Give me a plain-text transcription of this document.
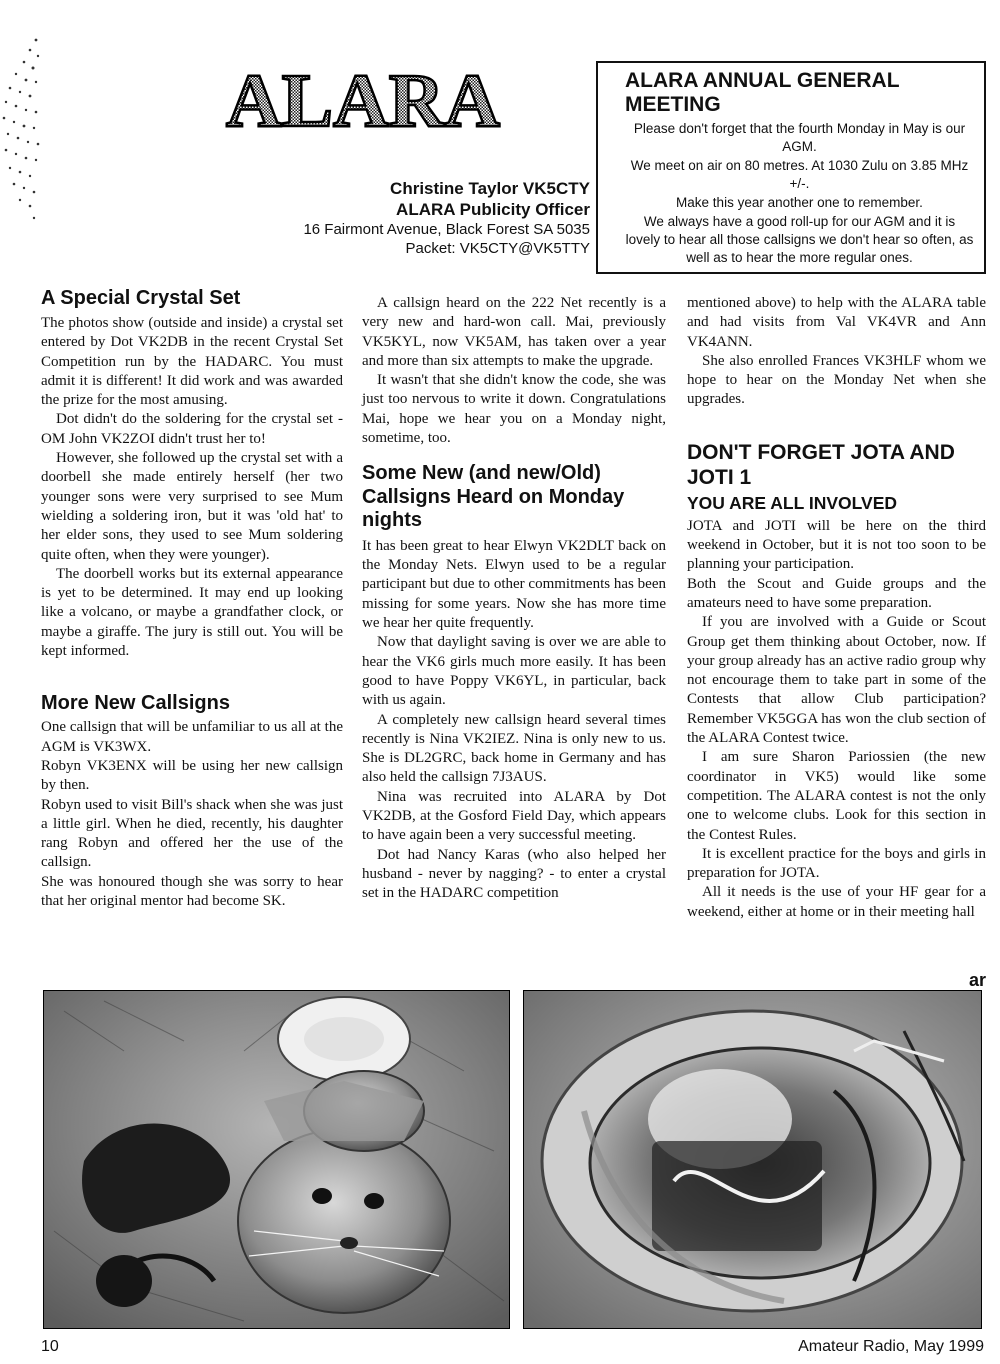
ALARA
Christine Taylor VK5CTY
ALARA Publicity Officer
16 Fairmont Avenue, Black Forest SA 5035
Packet: VK5CTY@VK5TTY
ALARA ANNUAL GENERAL MEETING

Please don't forget that the fourth Monday in May is our AGM.

We meet on air on 80 metres. At 1030 Zulu on 3.85 MHz +/-.

Make this year another one to remember.

We always have a good roll-up for our AGM and it is lovely to hear all those callsigns we don't hear so often, as well as to hear the more regular ones.

A Special Crystal Set

The photos show (outside and inside) a crystal set entered by Dot VK2DB in the recent Crystal Set Competition run by the HADARC. You must admit it is different! It did work and was awarded the prize for the most amusing.

Dot didn't do the soldering for the crystal set - OM John VK2ZOI didn't trust her to!

However, she followed up the crystal set with a doorbell she made entirely herself (her two younger sons were very surprised to see Mum wielding a soldering iron, but it was 'old hat' to her elder sons, they used to see Mum soldering quite often, when they were younger).

The doorbell works but its external appearance is yet to be determined. It may end up looking like a volcano, or maybe a grandfather clock, or maybe a giraffe. The jury is still out. You will be kept informed.

More New Callsigns

One callsign that will be unfamiliar to us all at the AGM is VK3WX.

Robyn VK3ENX will be using her new callsign by then.

Robyn used to visit Bill's shack when she was just a little girl. When he died, recently, his daughter rang Robyn and offered her the use of the callsign.

She was honoured though she was sorry to hear that her original mentor had become SK.

A callsign heard on the 222 Net recently is a very new and hard-won call. Mai, previously VK5KYL, now VK5AM, has taken over a year and more than six attempts to make the upgrade.

It wasn't that she didn't know the code, she was just too nervous to write it down. Congratulations Mai, hope we hear you on a Monday night, sometime, too.

Some New (and new/Old) Callsigns Heard on Monday nights

It has been great to hear Elwyn VK2DLT back on the Monday Nets. Elwyn used to be a regular participant but due to other commitments has been missing for some years. Now she has more time we hear her quite frequently.

Now that daylight saving is over we are able to hear the VK6 girls much more easily. It has been good to have Poppy VK6YL, in particular, back with us again.

A completely new callsign heard several times recently is Nina VK2IEZ. Nina is only new to us. She is DL2GRC, back home in Germany and has also held the callsign 7J3AUS.

Nina was recruited into ALARA by Dot VK2DB, at the Gosford Field Day, which appears to have again been a very successful meeting.

Dot had Nancy Karas (who also helped her husband - never by nagging? - to enter a crystal set in the HADARC competition

mentioned above) to help with the ALARA table and had visits from Val VK4VR and Ann VK4ANN.

She also enrolled Frances VK3HLF whom we hope to hear on the Monday Net when she upgrades.

DON'T FORGET JOTA AND JOTI 1
YOU ARE ALL INVOLVED

JOTA and JOTI will be here on the third weekend in October, but it is not too soon to be planning your participation.

Both the Scout and Guide groups and the amateurs need to have some preparation.

If you are involved with a Guide or Scout Group get them thinking about October, now. If your group already has an active radio group why not encourage them to take part in some of the Contests that allow Club participation? Remember VK5GGA has won the club section of the ALARA Contest twice.

I am sure Sharon Pariossien (the new coordinator in VK5) would like some competition. The ALARA contest is not the only one to welcome clubs. Look for this section in the Contest Rules.

It is excellent practice for the boys and girls in preparation for JOTA.

All it needs is the use of your HF gear for a weekend, either at home or in their meeting hall

ar
10	Amateur Radio, May 1999
